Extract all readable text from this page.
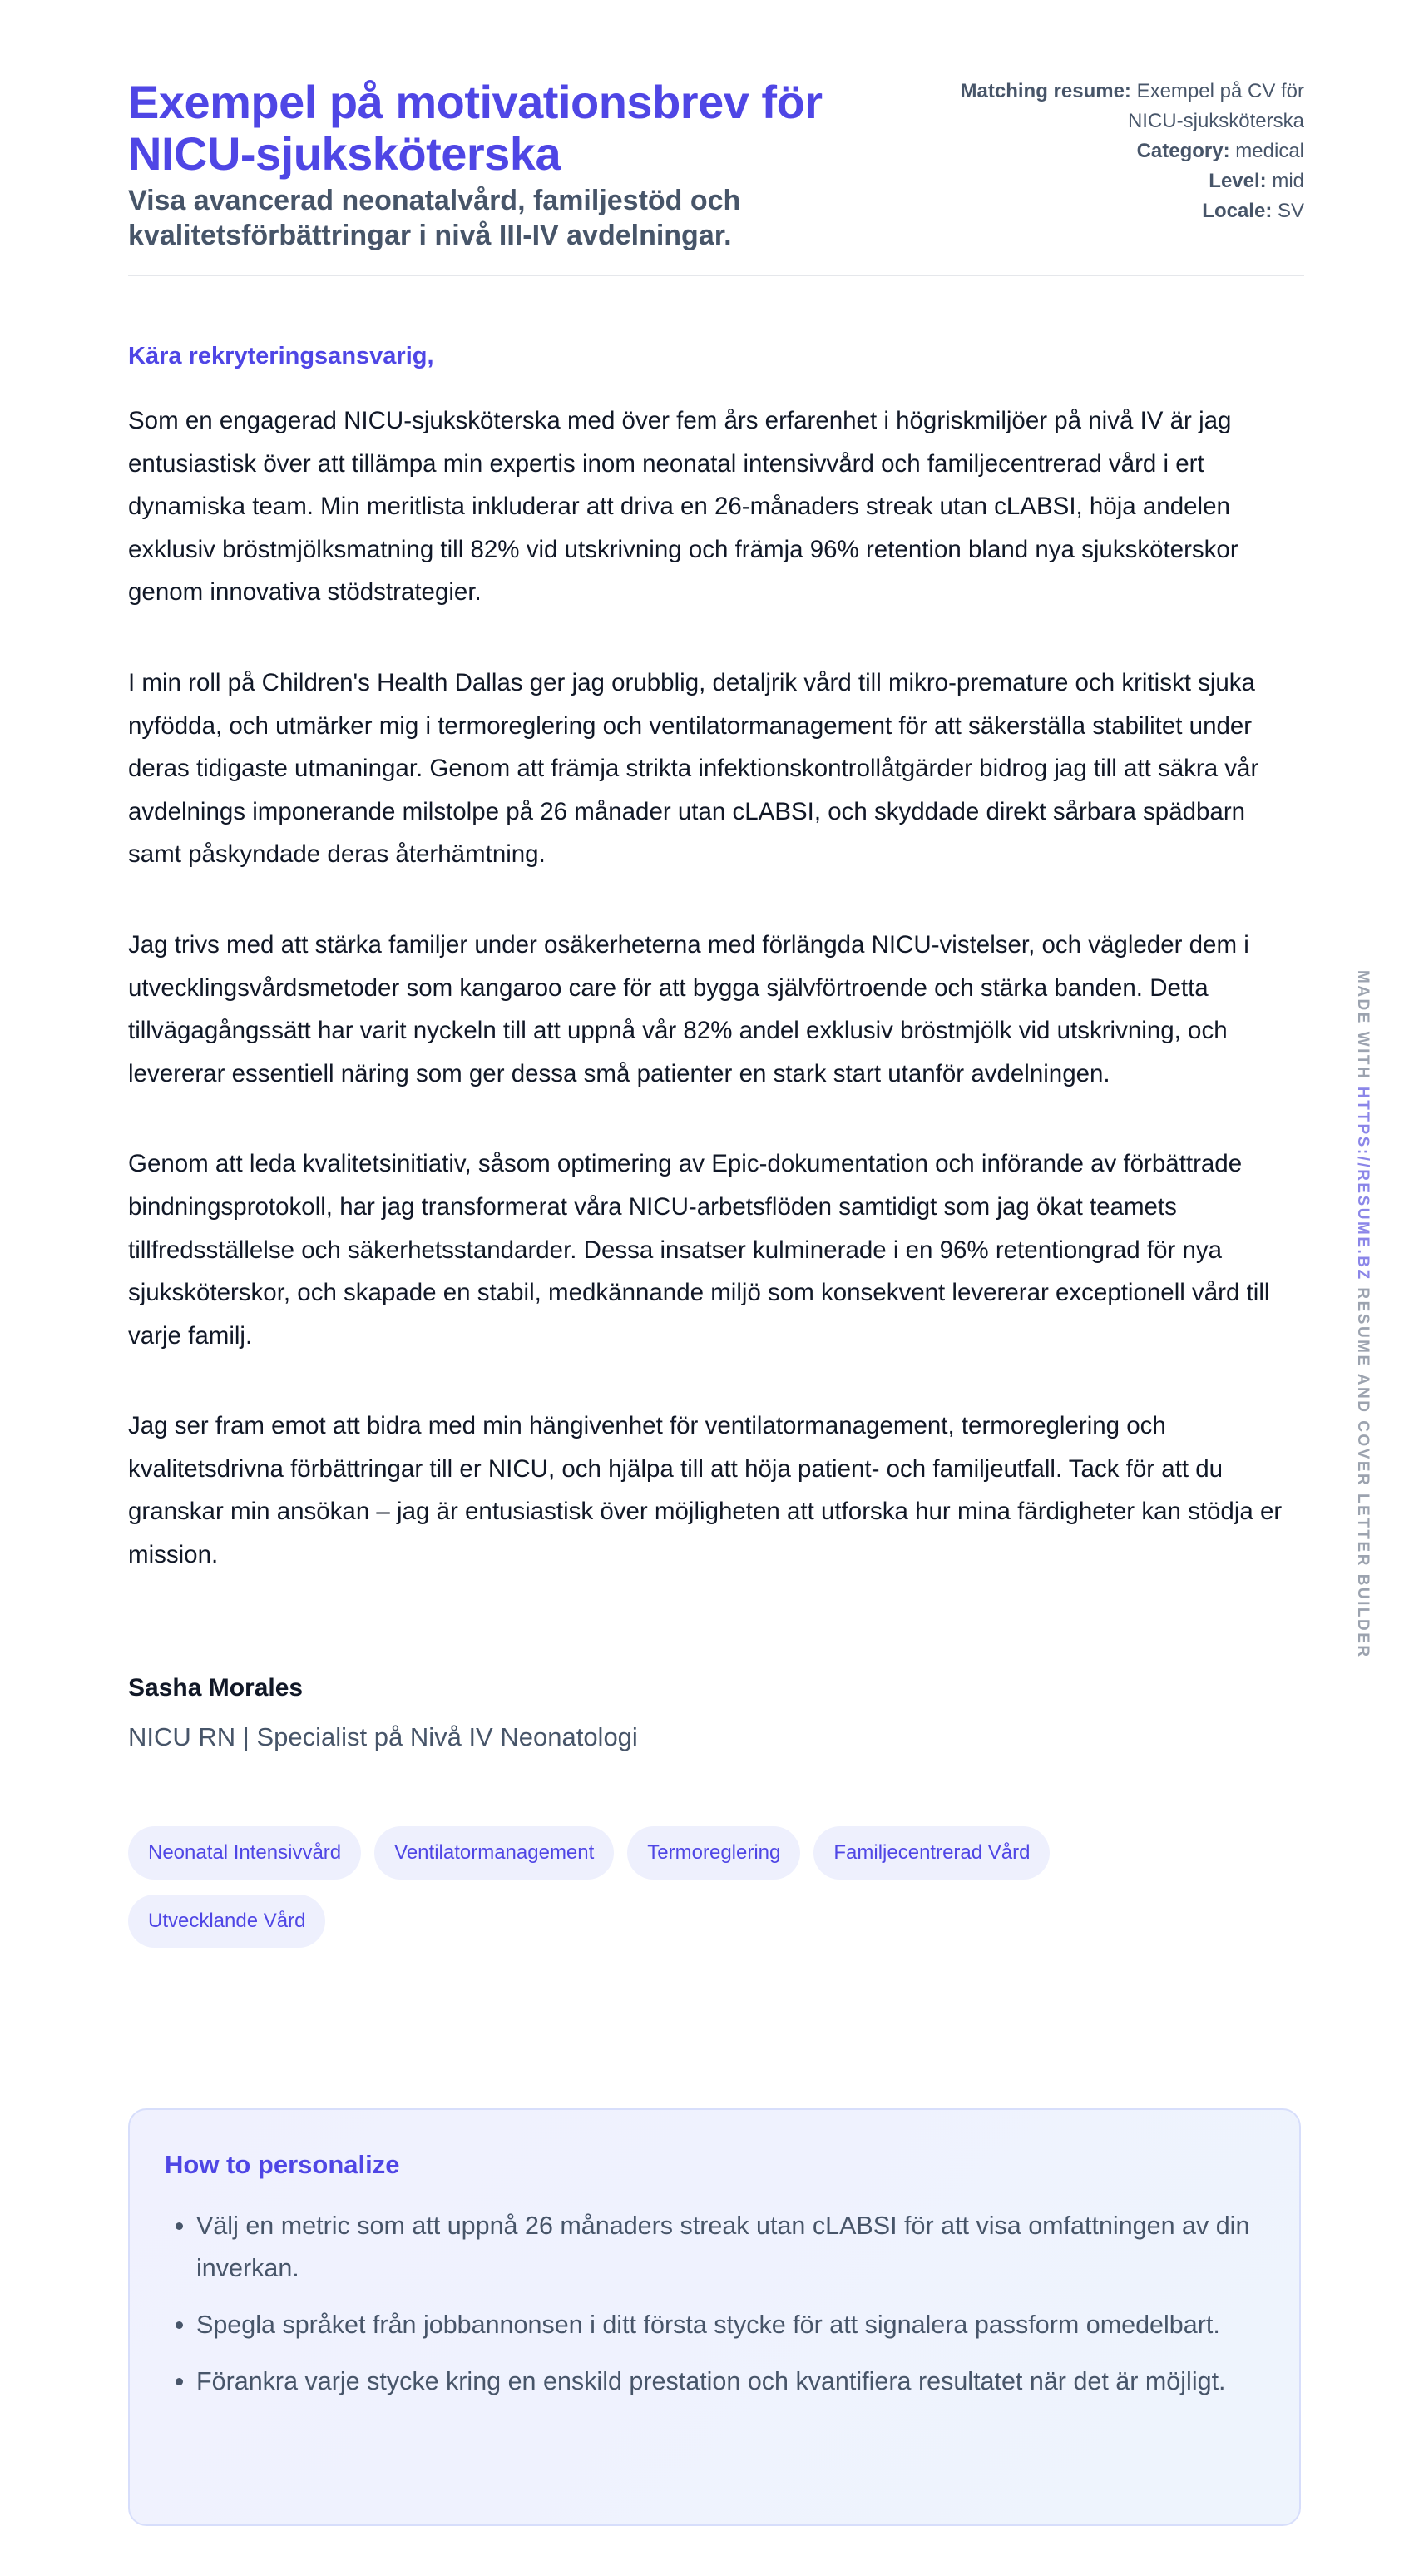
Exempel på motivationsbrev för NICU-sjuksköterska

Visa avancerad neonatalvård, familjestöd och kvalitetsförbättringar i nivå III-IV avdelningar.

Matching resume: Exempel på CV för NICU-sjuksköterska
Category: medical
Level: mid
Locale: SV

Kära rekryteringsansvarig,

Som en engagerad NICU-sjuksköterska med över fem års erfarenhet i högriskmiljöer på nivå IV är jag entusiastisk över att tillämpa min expertis inom neonatal intensivvård och familjecentrerad vård i ert dynamiska team. Min meritlista inkluderar att driva en 26-månaders streak utan cLABSI, höja andelen exklusiv bröstmjölksmatning till 82% vid utskrivning och främja 96% retention bland nya sjuksköterskor genom innovativa stödstrategier.

I min roll på Children's Health Dallas ger jag orubblig, detaljrik vård till mikro-premature och kritiskt sjuka nyfödda, och utmärker mig i termoreglering och ventilatormanagement för att säkerställa stabilitet under deras tidigaste utmaningar. Genom att främja strikta infektionskontrollåtgärder bidrog jag till att säkra vår avdelnings imponerande milstolpe på 26 månader utan cLABSI, och skyddade direkt sårbara spädbarn samt påskyndade deras återhämtning.

Jag trivs med att stärka familjer under osäkerheterna med förlängda NICU-vistelser, och vägleder dem i utvecklingsvårdsmetoder som kangaroo care för att bygga självförtroende och stärka banden. Detta tillvägagångssätt har varit nyckeln till att uppnå vår 82% andel exklusiv bröstmjölk vid utskrivning, och levererar essentiell näring som ger dessa små patienter en stark start utanför avdelningen.

Genom att leda kvalitetsinitiativ, såsom optimering av Epic-dokumentation och införande av förbättrade bindningsprotokoll, har jag transformerat våra NICU-arbetsflöden samtidigt som jag ökat teamets tillfredsställelse och säkerhetsstandarder. Dessa insatser kulminerade i en 96% retentiongrad för nya sjuksköterskor, och skapade en stabil, medkännande miljö som konsekvent levererar exceptionell vård till varje familj.

Jag ser fram emot att bidra med min hängivenhet för ventilatormanagement, termoreglering och kvalitetsdrivna förbättringar till er NICU, och hjälpa till att höja patient- och familjeutfall. Tack för att du granskar min ansökan – jag är entusiastisk över möjligheten att utforska hur mina färdigheter kan stödja er mission.

Sasha Morales

NICU RN | Specialist på Nivå IV Neonatologi

Neonatal Intensivvård	Ventilatormanagement	Termoreglering	Familjecentrerad Vård
Utvecklande Vård

How to personalize

• Välj en metric som att uppnå 26 månaders streak utan cLABSI för att visa omfattningen av din inverkan.
• Spegla språket från jobbannonsen i ditt första stycke för att signalera passform omedelbart.
• Förankra varje stycke kring en enskild prestation och kvantifiera resultatet när det är möjligt.
MADE WITH HTTPS://RESUME.BZ RESUME AND COVER LETTER BUILDER
